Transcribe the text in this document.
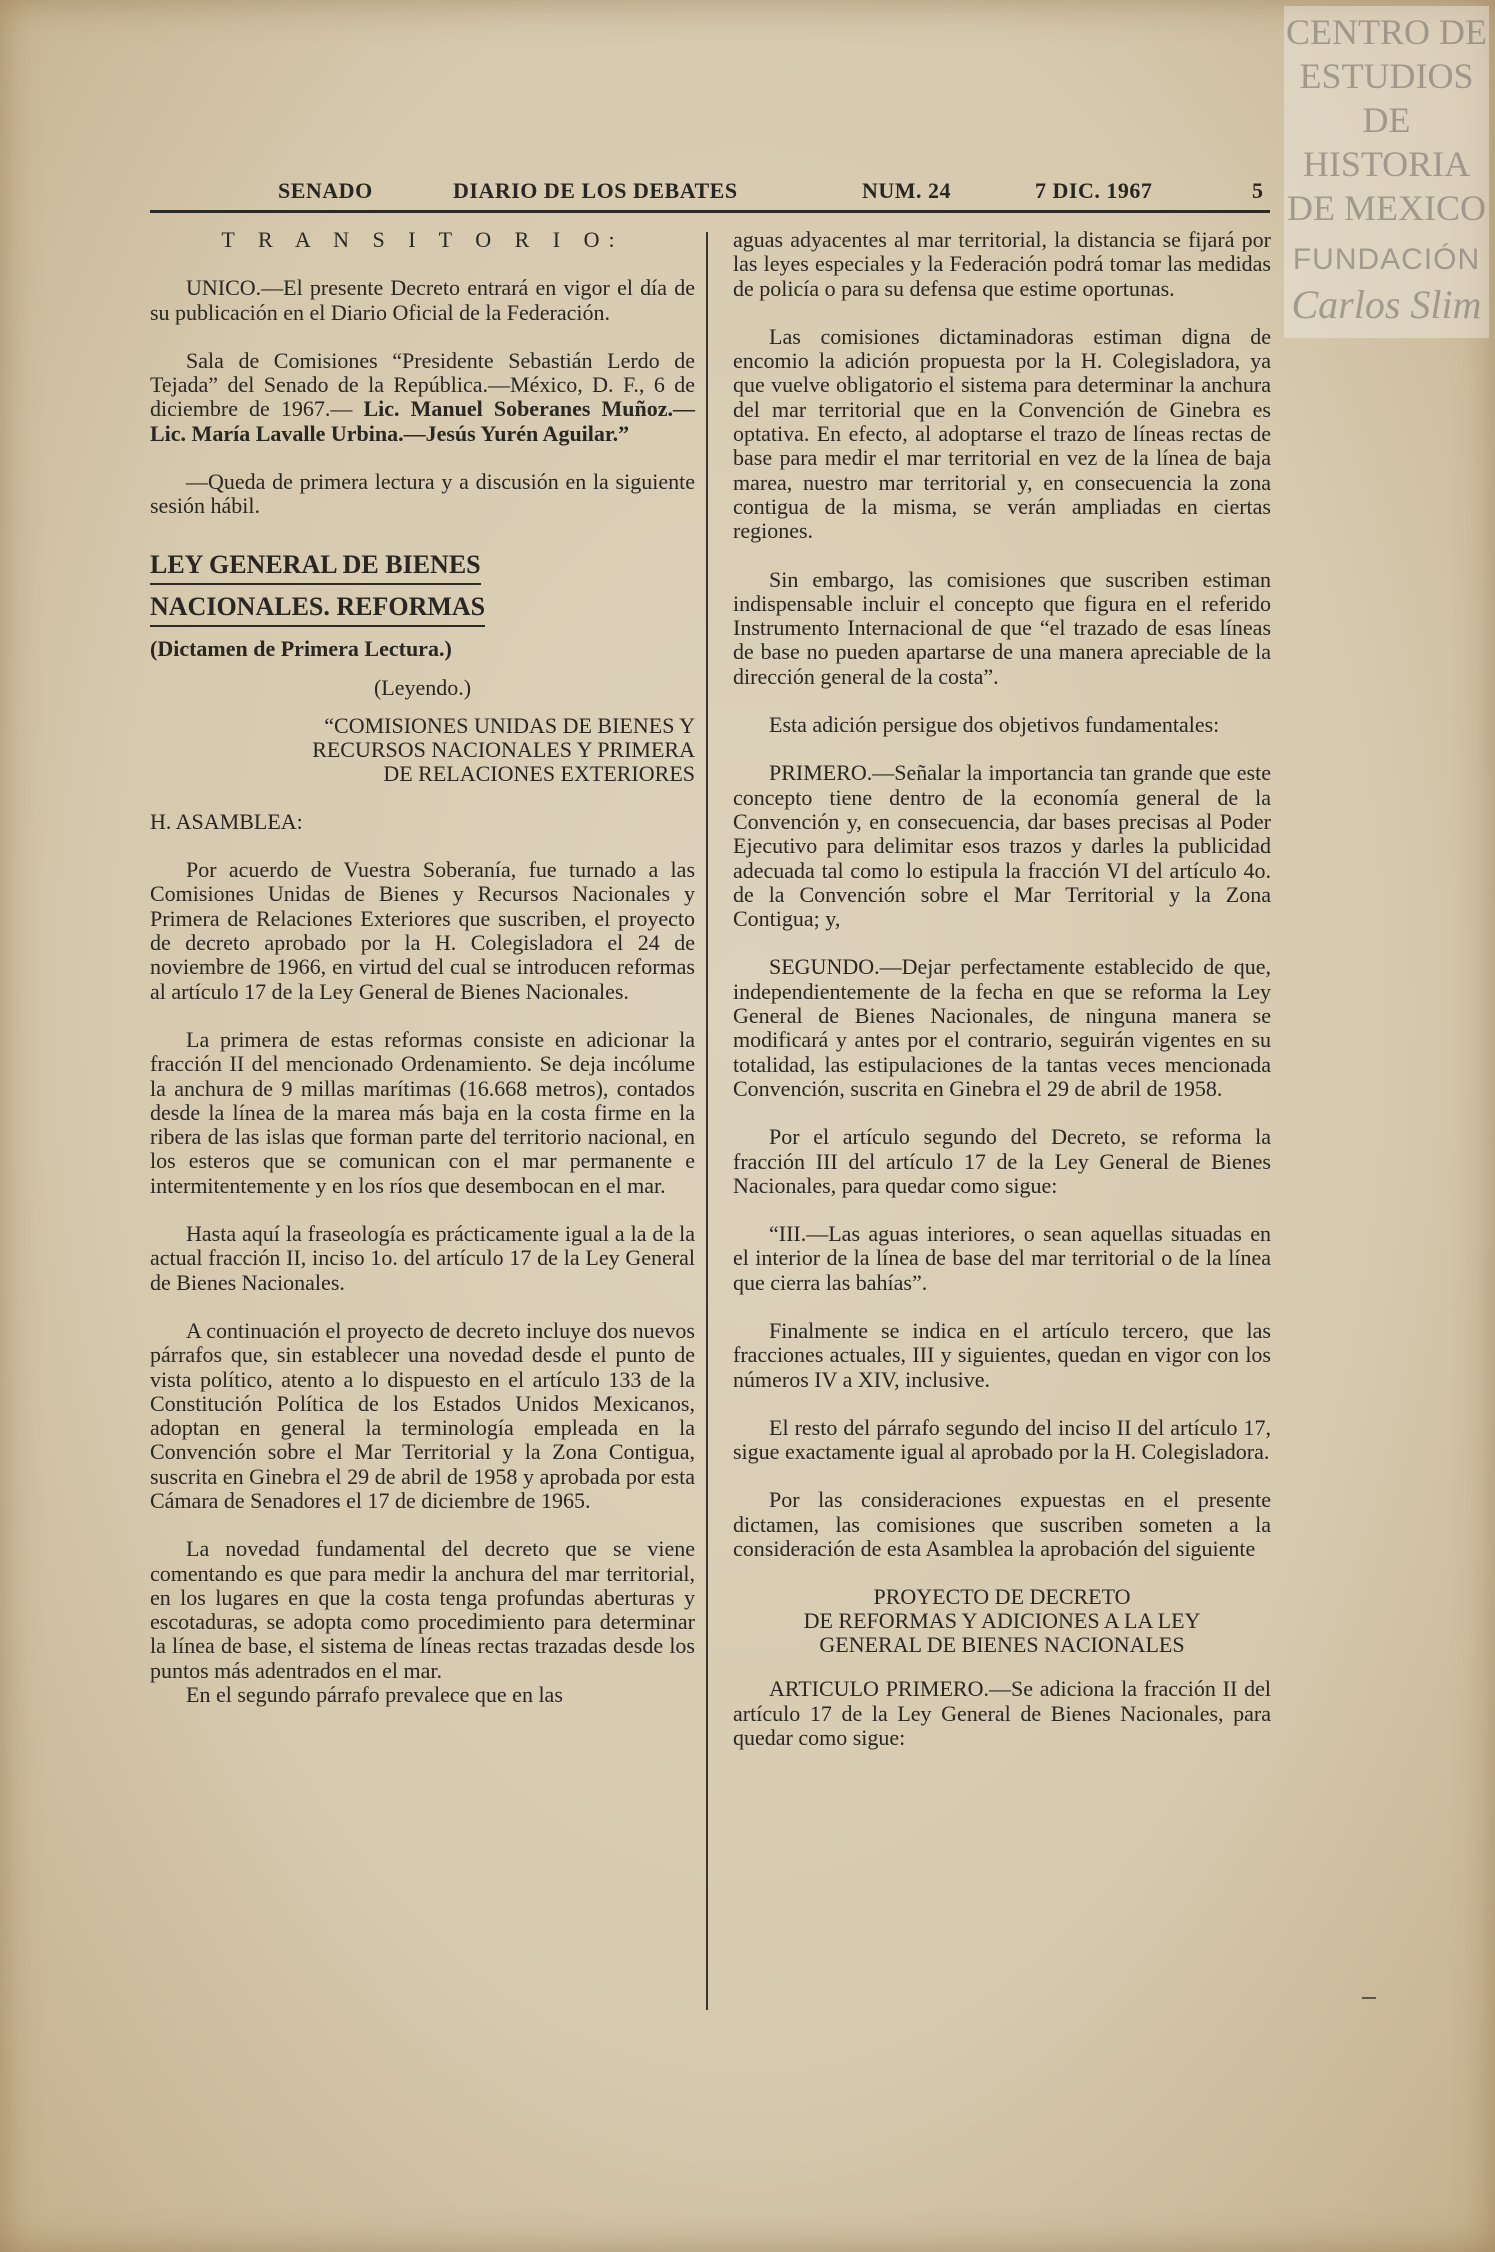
CENTRO DE
ESTUDIOS
DE HISTORIA
DE MEXICO
FUNDACIÓN
Carlos Slim
SENADO	DIARIO DE LOS DEBATES	NUM. 24	7 DIC. 1967	5

T R A N S I T O R I O:

UNICO.—El presente Decreto entrará en vigor el día de su publicación en el Diario Oficial de la Federación.

Sala de Comisiones “Presidente Sebastián Lerdo de Tejada” del Senado de la República.—México, D. F., 6 de diciembre de 1967.— Lic. Manuel Soberanes Muñoz.—Lic. María Lavalle Urbina.—Jesús Yurén Aguilar.”

—Queda de primera lectura y a discusión en la siguiente sesión hábil.

LEY GENERAL DE BIENES
NACIONALES. REFORMAS

(Dictamen de Primera Lectura.)

(Leyendo.)

“COMISIONES UNIDAS DE BIENES Y
RECURSOS NACIONALES Y PRIMERA
DE RELACIONES EXTERIORES

H. ASAMBLEA:

Por acuerdo de Vuestra Soberanía, fue turnado a las Comisiones Unidas de Bienes y Recursos Nacionales y Primera de Relaciones Exteriores que suscriben, el proyecto de decreto aprobado por la H. Colegisladora el 24 de noviembre de 1966, en virtud del cual se introducen reformas al artículo 17 de la Ley General de Bienes Nacionales.

La primera de estas reformas consiste en adicionar la fracción II del mencionado Ordenamiento. Se deja incólume la anchura de 9 millas marítimas (16.668 metros), contados desde la línea de la marea más baja en la costa firme en la ribera de las islas que forman parte del territorio nacional, en los esteros que se comunican con el mar permanente e intermitentemente y en los ríos que desembocan en el mar.

Hasta aquí la fraseología es prácticamente igual a la de la actual fracción II, inciso 1o. del artículo 17 de la Ley General de Bienes Nacionales.

A continuación el proyecto de decreto incluye dos nuevos párrafos que, sin establecer una novedad desde el punto de vista político, atento a lo dispuesto en el artículo 133 de la Constitución Política de los Estados Unidos Mexicanos, adoptan en general la terminología empleada en la Convención sobre el Mar Territorial y la Zona Contigua, suscrita en Ginebra el 29 de abril de 1958 y aprobada por esta Cámara de Senadores el 17 de diciembre de 1965.

La novedad fundamental del decreto que se viene comentando es que para medir la anchura del mar territorial, en los lugares en que la costa tenga profundas aberturas y escotaduras, se adopta como procedimiento para determinar la línea de base, el sistema de líneas rectas trazadas desde los puntos más adentrados en el mar.

En el segundo párrafo prevalece que en las

aguas adyacentes al mar territorial, la distancia se fijará por las leyes especiales y la Federación podrá tomar las medidas de policía o para su defensa que estime oportunas.

Las comisiones dictaminadoras estiman digna de encomio la adición propuesta por la H. Colegisladora, ya que vuelve obligatorio el sistema para determinar la anchura del mar territorial que en la Convención de Ginebra es optativa. En efecto, al adoptarse el trazo de líneas rectas de base para medir el mar territorial en vez de la línea de baja marea, nuestro mar territorial y, en consecuencia la zona contigua de la misma, se verán ampliadas en ciertas regiones.

Sin embargo, las comisiones que suscriben estiman indispensable incluir el concepto que figura en el referido Instrumento Internacional de que “el trazado de esas líneas de base no pueden apartarse de una manera apreciable de la dirección general de la costa”.

Esta adición persigue dos objetivos fundamentales:

PRIMERO.—Señalar la importancia tan grande que este concepto tiene dentro de la economía general de la Convención y, en consecuencia, dar bases precisas al Poder Ejecutivo para delimitar esos trazos y darles la publicidad adecuada tal como lo estipula la fracción VI del artículo 4o. de la Convención sobre el Mar Territorial y la Zona Contigua; y,

SEGUNDO.—Dejar perfectamente establecido de que, independientemente de la fecha en que se reforma la Ley General de Bienes Nacionales, de ninguna manera se modificará y antes por el contrario, seguirán vigentes en su totalidad, las estipulaciones de la tantas veces mencionada Convención, suscrita en Ginebra el 29 de abril de 1958.

Por el artículo segundo del Decreto, se reforma la fracción III del artículo 17 de la Ley General de Bienes Nacionales, para quedar como sigue:

“III.—Las aguas interiores, o sean aquellas situadas en el interior de la línea de base del mar territorial o de la línea que cierra las bahías”.

Finalmente se indica en el artículo tercero, que las fracciones actuales, III y siguientes, quedan en vigor con los números IV a XIV, inclusive.

El resto del párrafo segundo del inciso II del artículo 17, sigue exactamente igual al aprobado por la H. Colegisladora.

Por las consideraciones expuestas en el presente dictamen, las comisiones que suscriben someten a la consideración de esta Asamblea la aprobación del siguiente

PROYECTO DE DECRETO
DE REFORMAS Y ADICIONES A LA LEY
GENERAL DE BIENES NACIONALES

ARTICULO PRIMERO.—Se adiciona la fracción II del artículo 17 de la Ley General de Bienes Nacionales, para quedar como sigue:
